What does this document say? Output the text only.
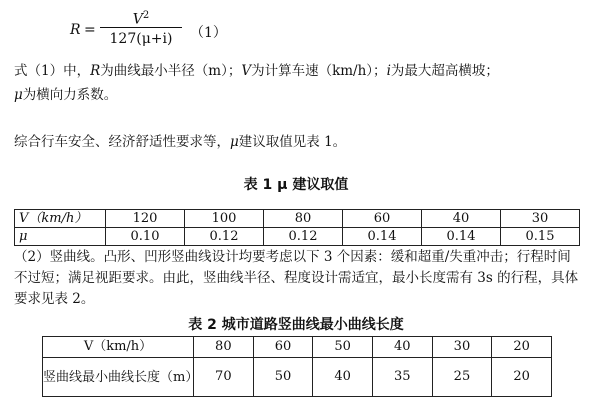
R =
$V^2$
127(μ+i)	（1）
式（1）中，R为曲线最小半径（m）；V为计算车速（km/h）；i为最大超高横坡；
μ为横向力系数。
综合行车安全、经济舒适性要求等，μ建议取值见表 1。
表 1 μ 建议取值
V（km/h）	120	100	80	60	40	30
μ	0.10	0.12	0.12	0.14	0.14	0.15
（2）竖曲线。凸形、凹形竖曲线设计均要考虑以下 3 个因素：缓和超重/失重冲击；行程时间不过短；满足视距要求。由此，竖曲线半径、程度设计需适宜，最小长度需有 3s 的行程，具体要求见表 2。
表 2 城市道路竖曲线最小曲线长度
V（km/h）	80	60	50	40	30	20
竖曲线最小曲线长度（m）	70	50	40	35	25	20
